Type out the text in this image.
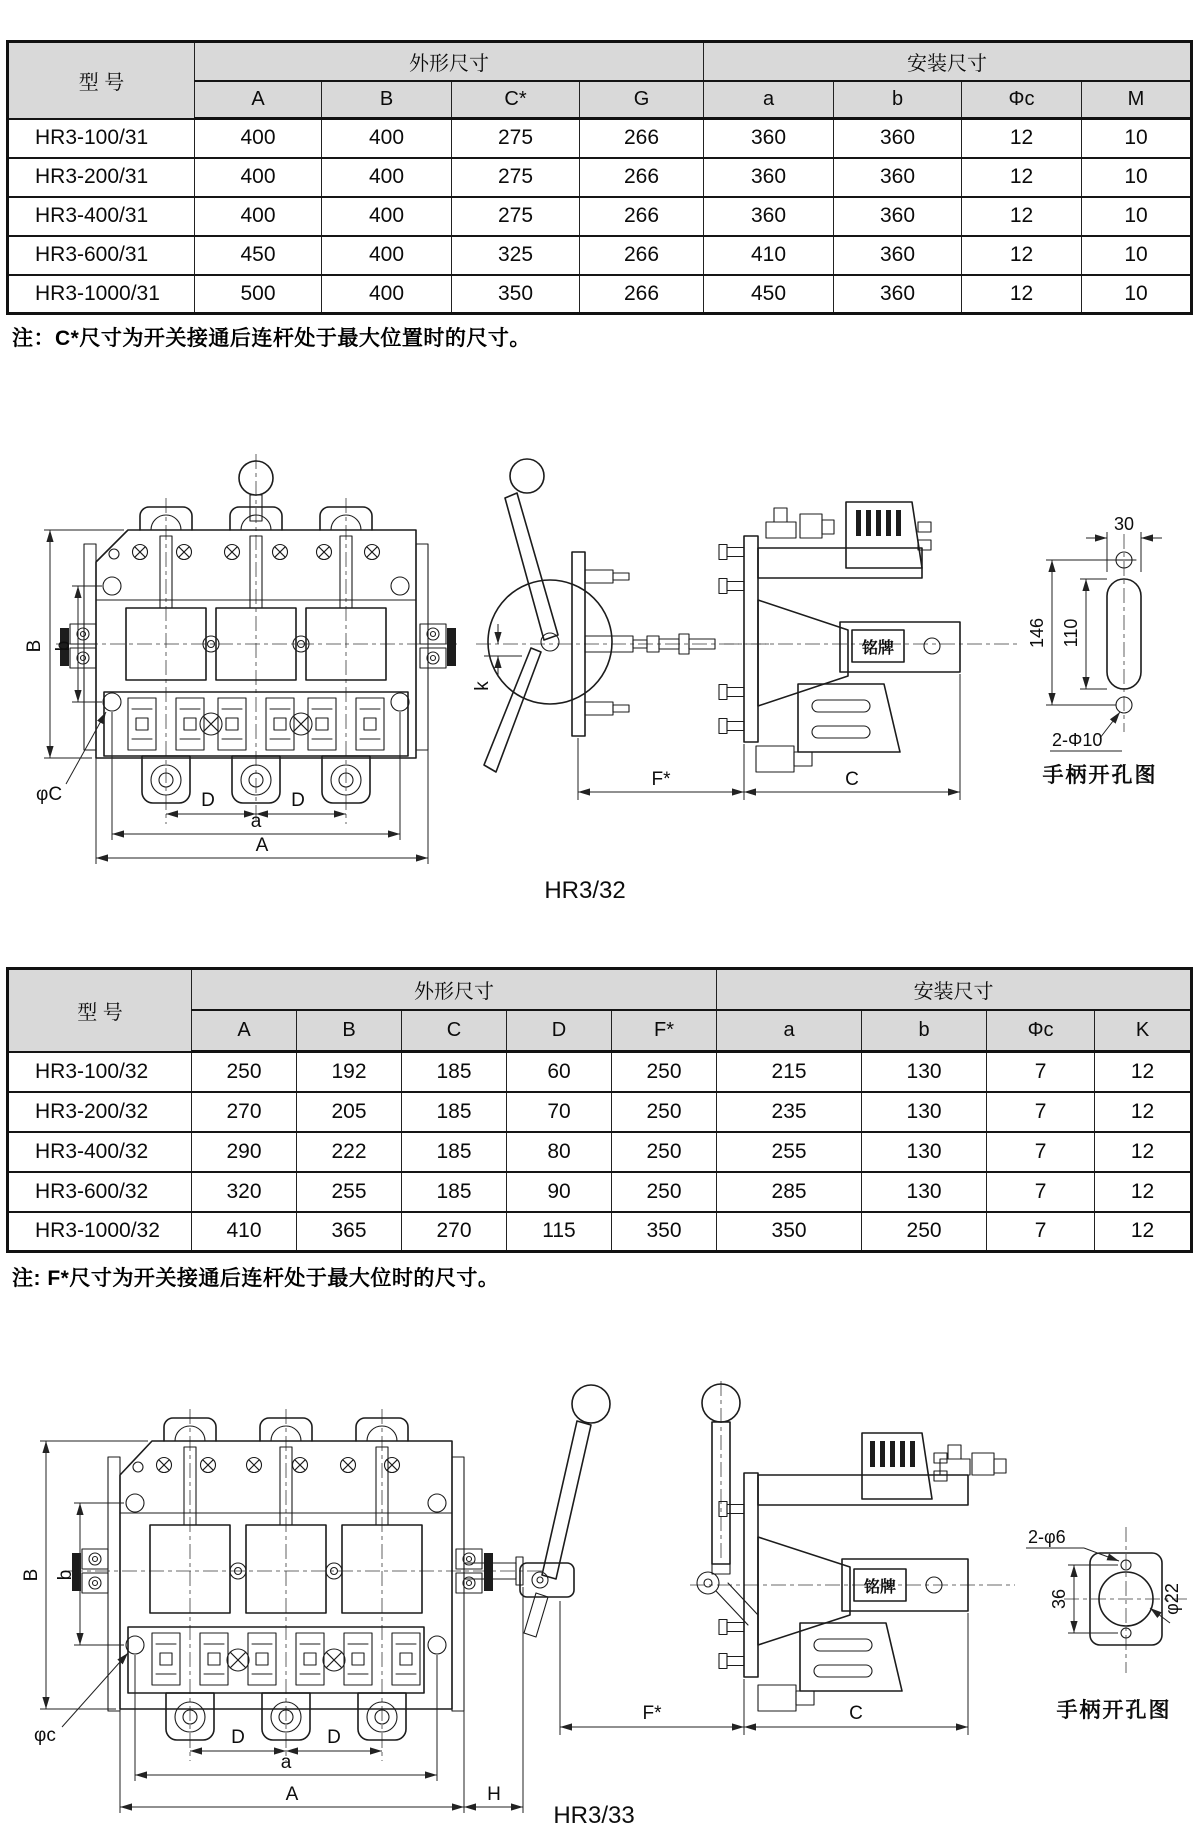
型 号	外形尺寸				安装尺寸			
	A	B	C*	G	a	b	Φc	M
HR3-100/31	400	400	275	266	360	360	12	10
HR3-200/31	400	400	275	266	360	360	12	10
HR3-400/31	400	400	275	266	360	360	12	10
HR3-600/31	450	400	325	266	410	360	12	10
HR3-1000/31	500	400	350	266	450	360	12	10
注：C*尺寸为开关接通后连杆处于最大位置时的尺寸。
B b
φC	D	D
a
A
k
铭牌
F*	C
30
146 110
2-Φ10
手柄开孔图
HR3/32
型 号	外形尺寸					安装尺寸			
	A	B	C	D	F*	a	b	Φc	K
HR3-100/32	250	192	185	60	250	215	130	7	12
HR3-200/32	270	205	185	70	250	235	130	7	12
HR3-400/32	290	222	185	80	250	255	130	7	12
HR3-600/32	320	255	185	90	250	285	130	7	12
HR3-1000/32	410	365	270	115	350	350	250	7	12
注: F*尺寸为开关接通后连杆处于最大位时的尺寸。
B b
φc	D	D
a
A	H
铭牌
F*	C
36	φ22
2-φ6
手柄开孔图
HR3/33
